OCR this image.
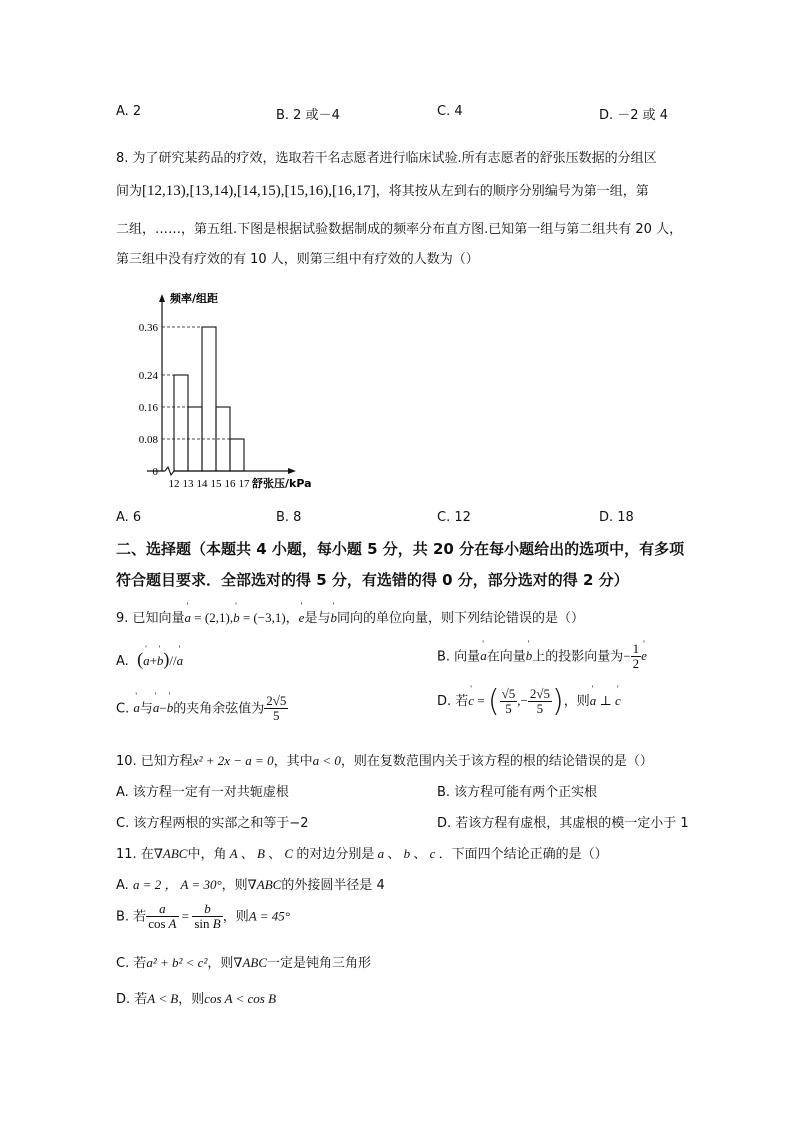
A. 2	B. 2 或－4	C. 4	D. －2 或 4
8. 为了研究某药品的疗效，选取若干名志愿者进行临床试验.所有志愿者的舒张压数据的分组区
间为[12,13),[13,14),[14,15),[15,16),[16,17]，将其按从左到右的顺序分别编号为第一组，第
二组，……，第五组.下图是根据试验数据制成的频率分布直方图.已知第一组与第二组共有 20 人，
第三组中没有疗效的有 10 人，则第三组中有疗效的人数为（）
频率/组距
0
0.08
0.16
0.24
0.36
12 13 14 15 16 17 舒张压/kPa
A. 6	B. 8	C. 12	D. 18
二、选择题（本题共 4 小题，每小题 5 分，共 20 分在每小题给出的选项中，有多项
符合题目要求．全部选对的得 5 分，有选错的得 0 分，部分选对的得 2 分）
9. 已知向量' a = (2,1),' b = (−3,1)，' e是与' b同向的单位向量，则下列结论错误的是（）
A. (' a+' b)//' a	B. 向量' a在向量' b上的投影向量为− $\frac{1}{2}$ ' e
C. ' a与' a−' b的夹角余弦值为 $\frac{2√5}{5}$	D. 若' c = ( $\frac{√5}{5}$ ,− $\frac{2√5}{5}$ )，则' a ⊥ ' c
10. 已知方程x² + 2x − a = 0，其中a < 0，则在复数范围内关于该方程的根的结论错误的是（）
A. 该方程一定有一对共轭虚根	B. 该方程可能有两个正实根
C. 该方程两根的实部之和等于−2	D. 若该方程有虚根，其虚根的模一定小于 1
11. 在∇ABC中，角 A 、 B 、 C 的对边分别是 a 、 b 、 c ．下面四个结论正确的是（）
A. a = 2 ， A = 30°，则∇ABC的外接圆半径是 4
B. 若 $\frac{a}{\text{cos A}} = \frac{b}{\text{sin B}}$ ，则A = 45°
C. 若a² + b² < c²，则∇ABC一定是钝角三角形
D. 若A < B，则cos A < cos B
